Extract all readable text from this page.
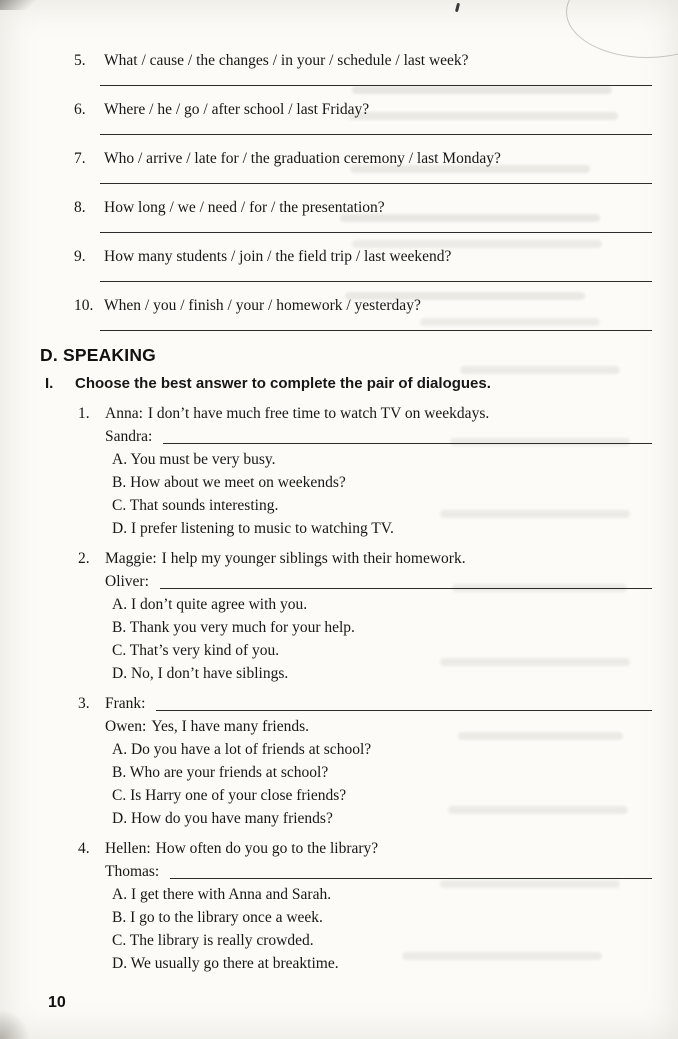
5.	What / cause / the changes / in your / schedule / last week?
6.	Where / he / go / after school / last Friday?
7.	Who / arrive / late for / the graduation ceremony / last Monday?
8.	How long / we / need / for / the presentation?
9.	How many students / join / the field trip / last weekend?
10. When / you / finish / your / homework / yesterday?
D. SPEAKING
I.	Choose the best answer to complete the pair of dialogues.
1. Anna: I don’t have much free time to watch TV on weekdays.
Sandra:
A. You must be very busy.
B. How about we meet on weekends?
C. That sounds interesting.
D. I prefer listening to music to watching TV.
2. Maggie: I help my younger siblings with their homework.
Oliver:
A. I don’t quite agree with you.
B. Thank you very much for your help.
C. That’s very kind of you.
D. No, I don’t have siblings.
3. Frank:
Owen: Yes, I have many friends.
A. Do you have a lot of friends at school?
B. Who are your friends at school?
C. Is Harry one of your close friends?
D. How do you have many friends?
4. Hellen: How often do you go to the library?
Thomas:
A. I get there with Anna and Sarah.
B. I go to the library once a week.
C. The library is really crowded.
D. We usually go there at breaktime.
10
